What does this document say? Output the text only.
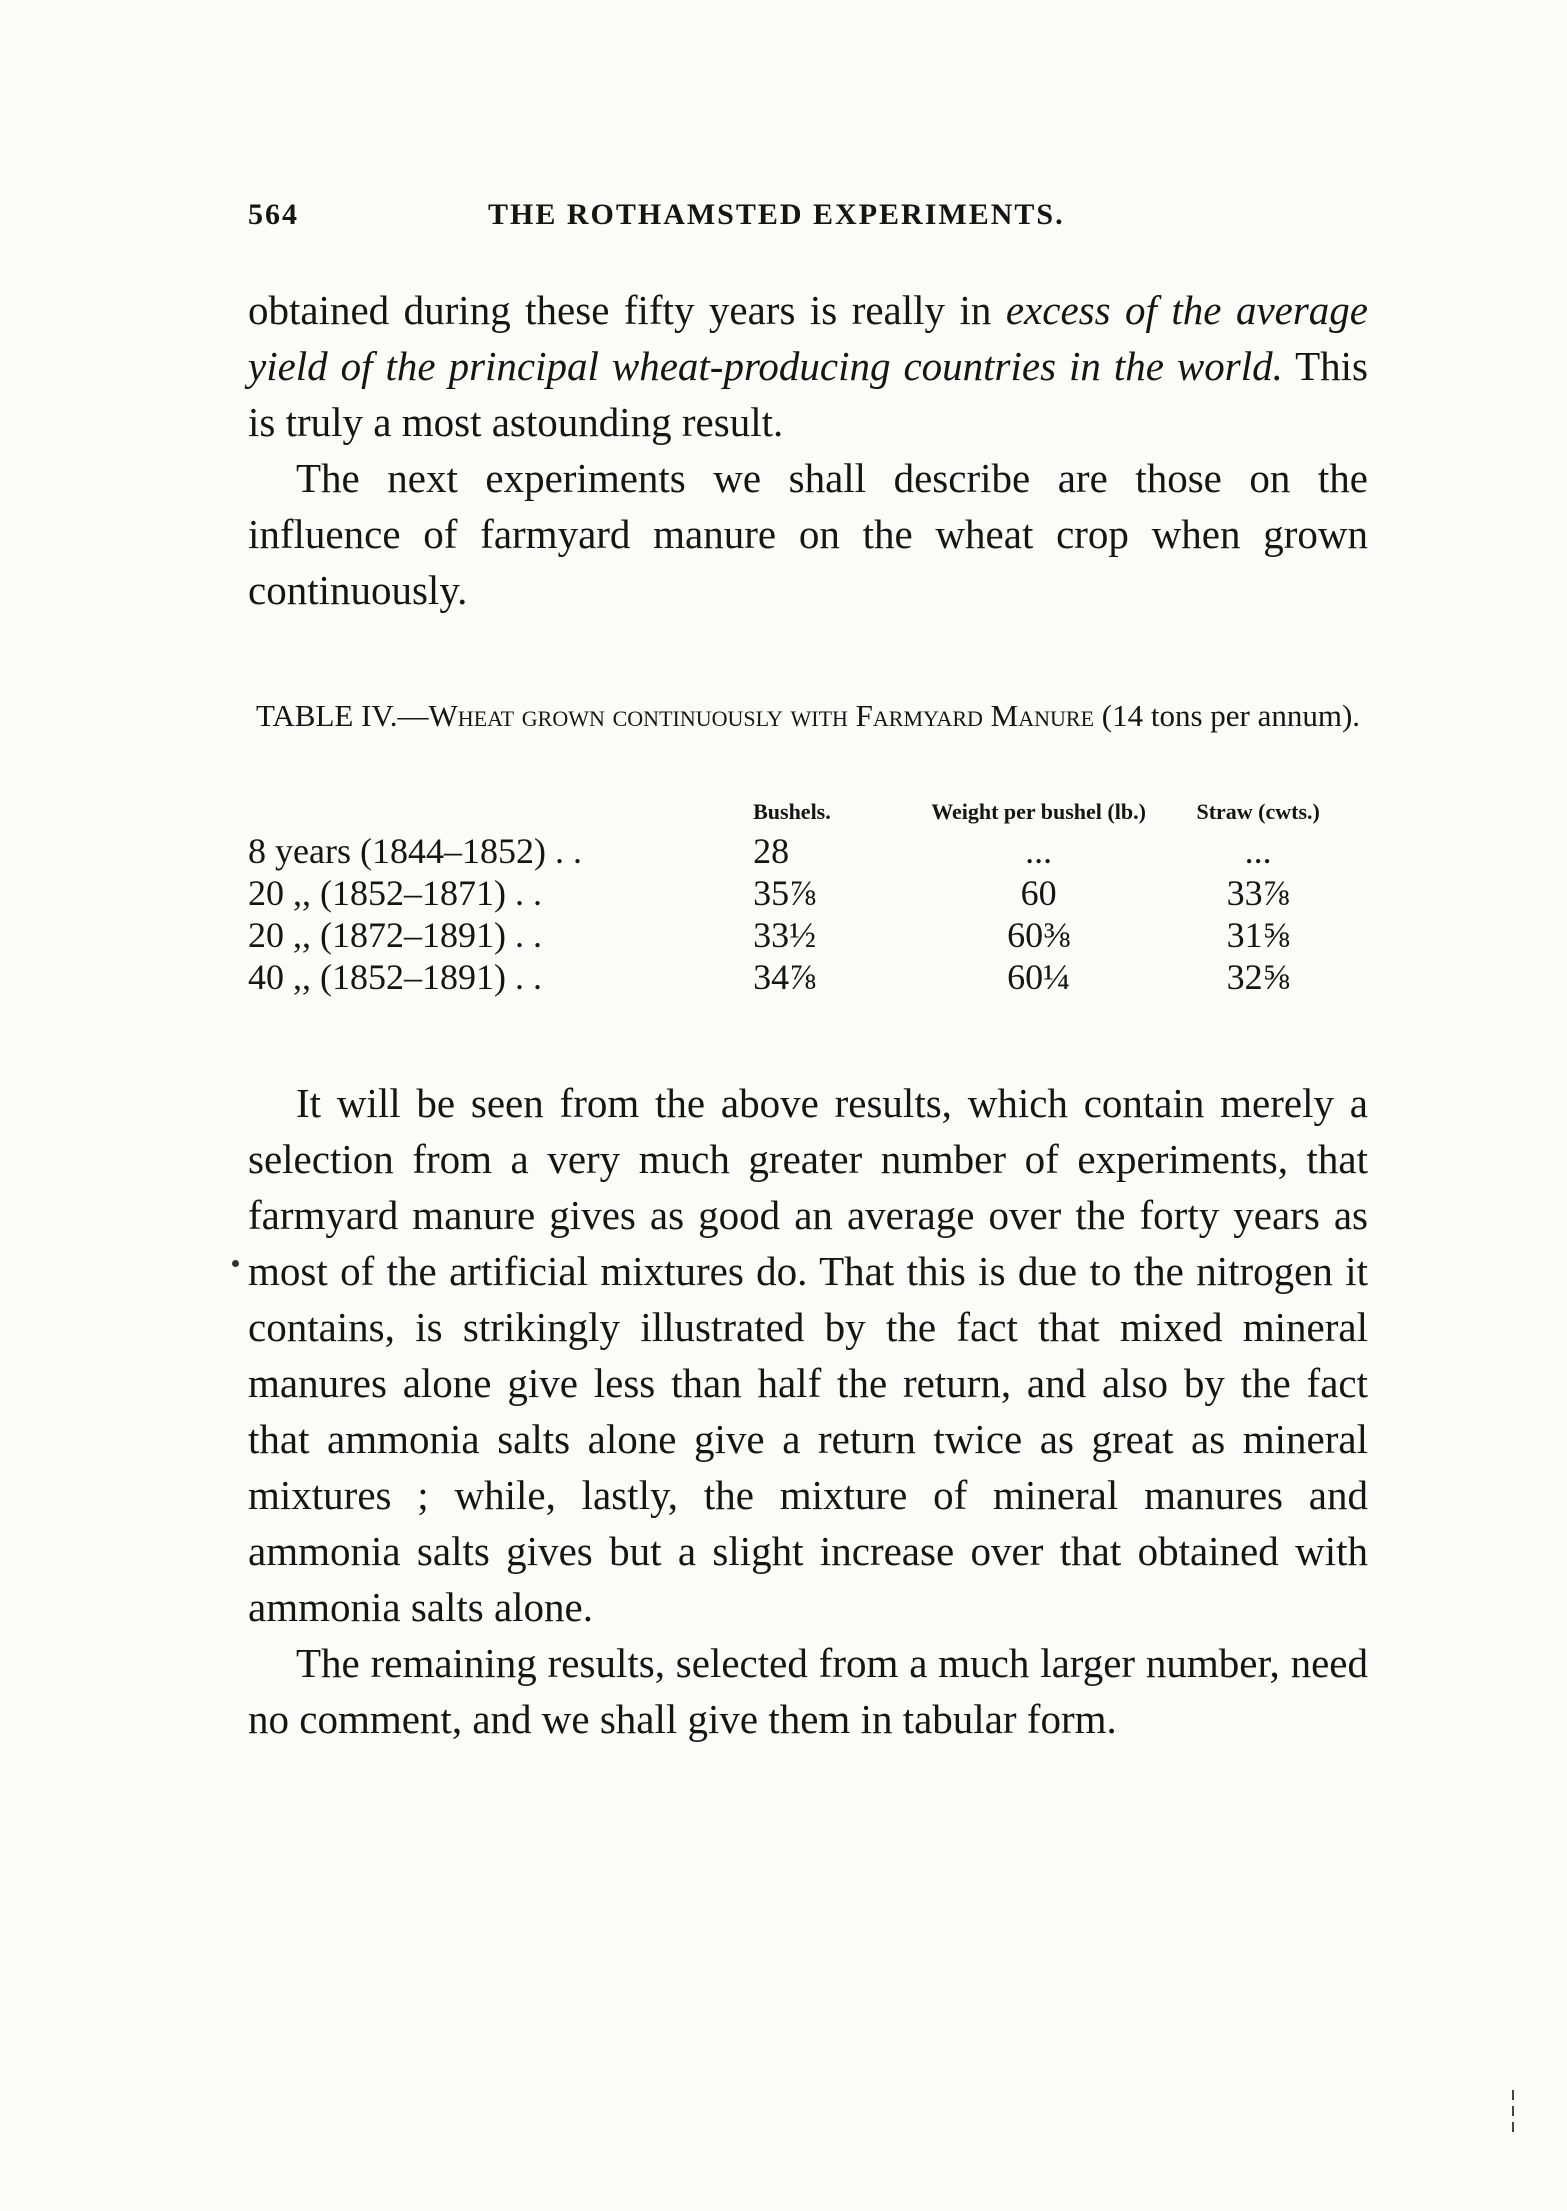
564	THE ROTHAMSTED EXPERIMENTS.

obtained during these fifty years is really in excess of the average yield of the principal wheat-producing countries in the world. This is truly a most astounding result.

The next experiments we shall describe are those on the influence of farmyard manure on the wheat crop when grown continuously.

TABLE IV.—Wheat grown continuously with Farmyard Manure (14 tons per annum).
	Bushels.	Weight per bushel (lb.)	Straw (cwts.)
8 years (1844–1852) . .	28	...	...
20 ,, (1852–1871) . .	35⅞	60	33⅞
20 ,, (1872–1891) . .	33½	60⅜	31⅝
40 ,, (1852–1891) . .	34⅞	60¼	32⅝

It will be seen from the above results, which contain merely a selection from a very much greater number of experiments, that farmyard manure gives as good an average over the forty years as most of the artificial mixtures do. That this is due to the nitrogen it contains, is strikingly illustrated by the fact that mixed mineral manures alone give less than half the return, and also by the fact that ammonia salts alone give a return twice as great as mineral mixtures ; while, lastly, the mixture of mineral manures and ammonia salts gives but a slight increase over that obtained with ammonia salts alone.

The remaining results, selected from a much larger number, need no comment, and we shall give them in tabular form.
